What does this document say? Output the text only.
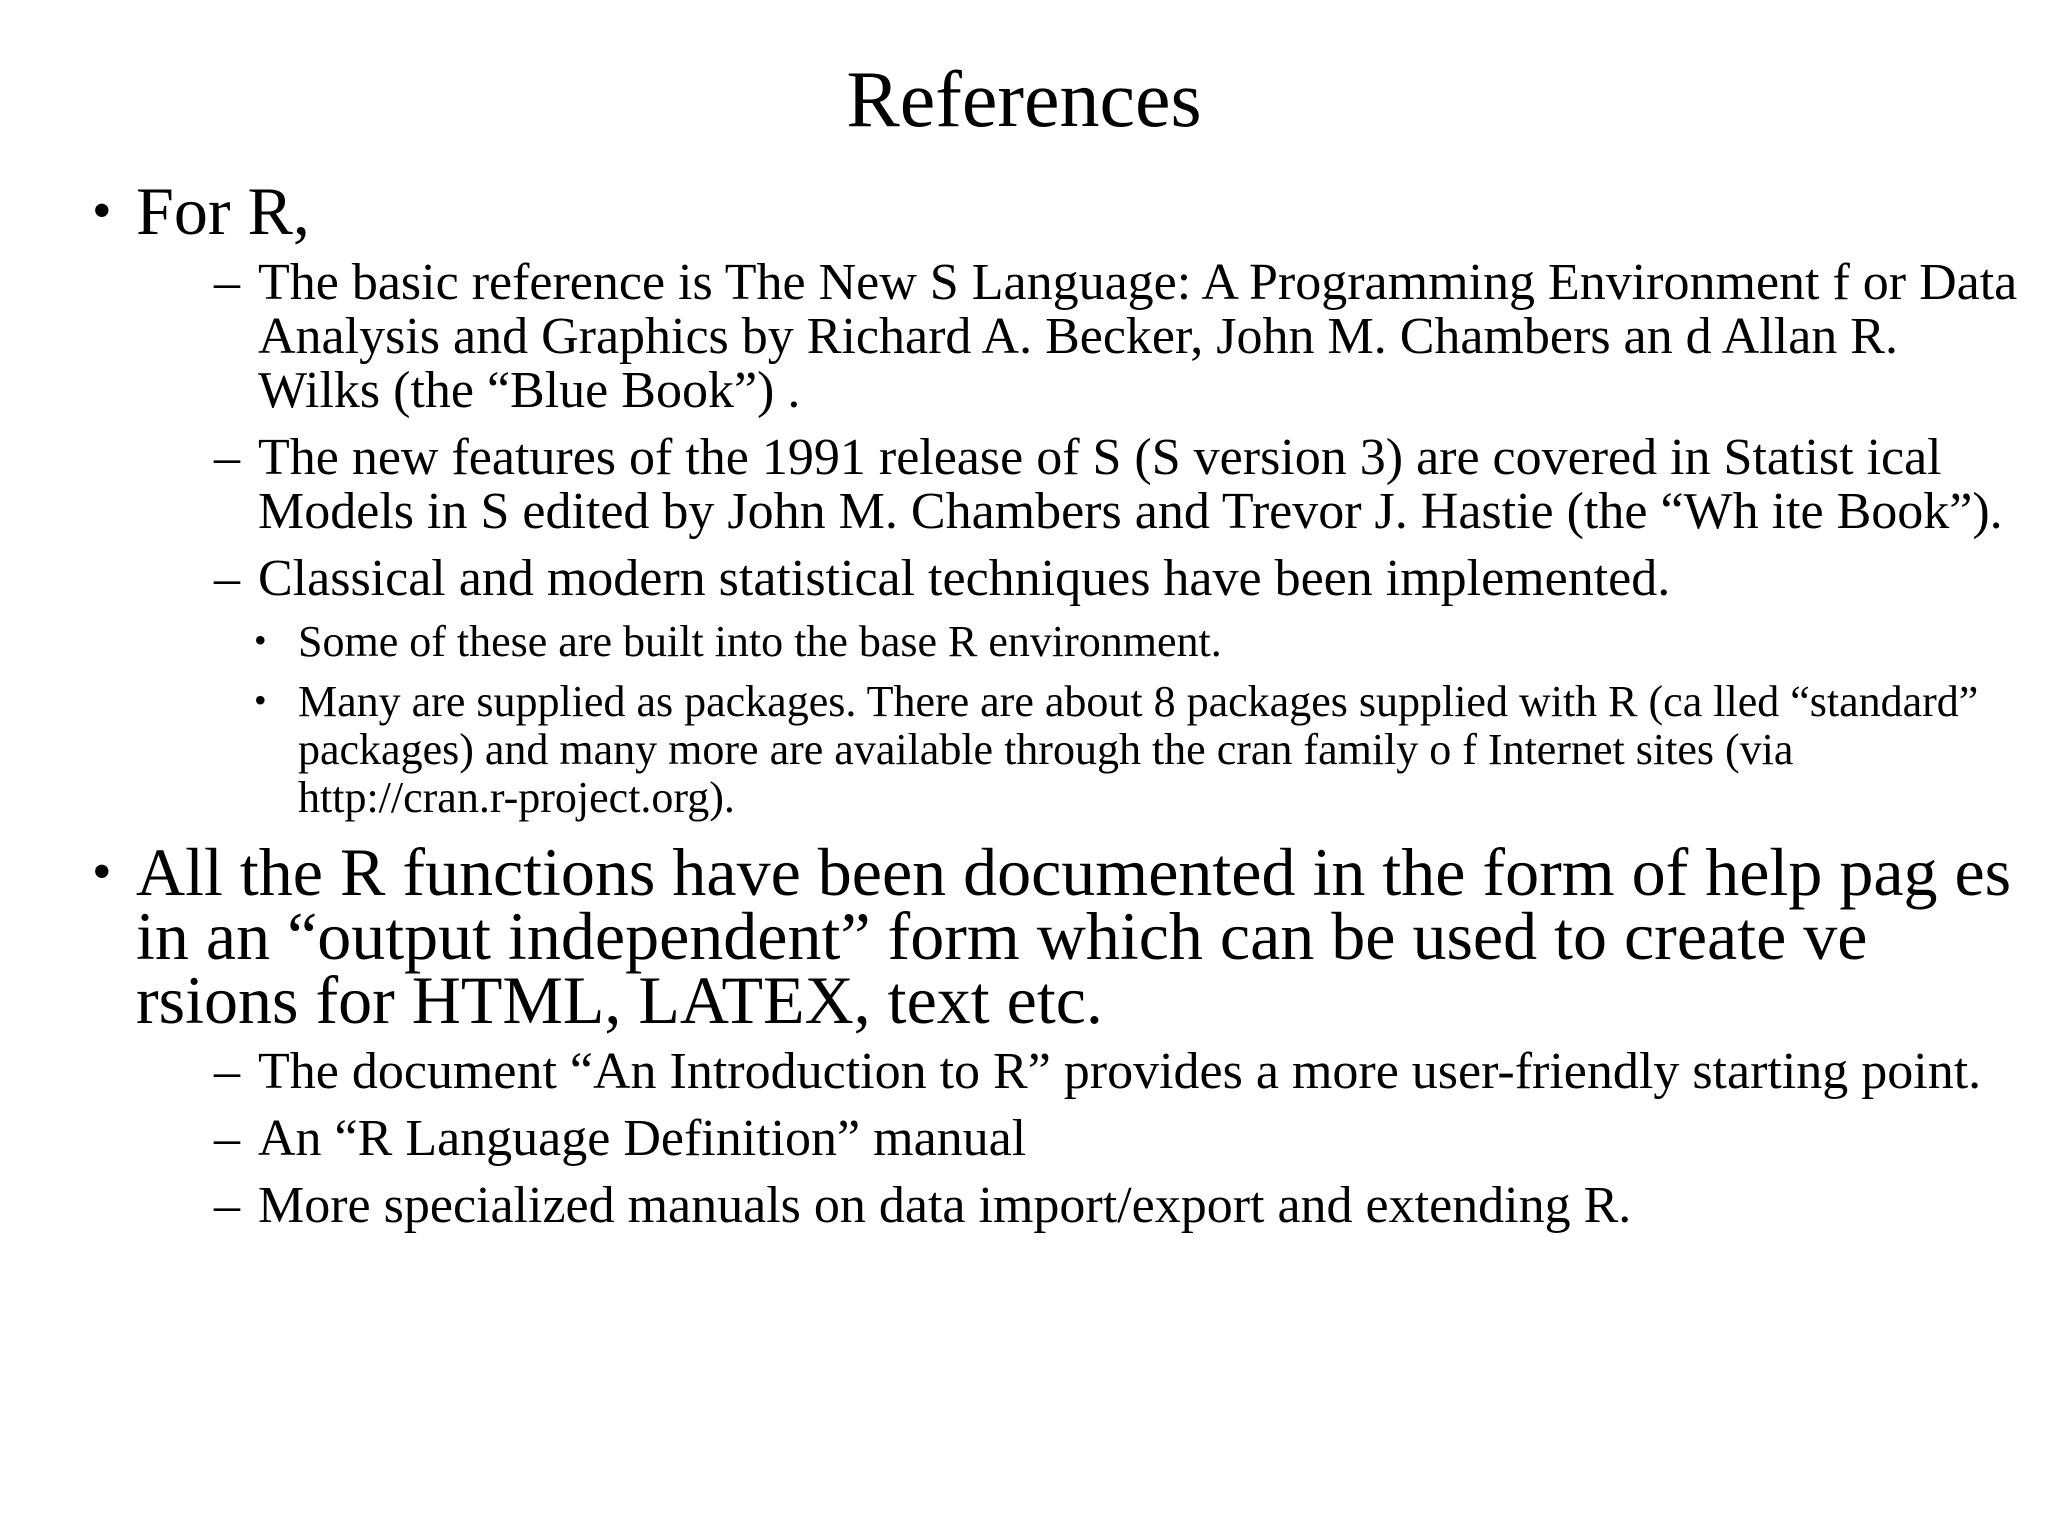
References
• For R,
– The basic reference is The New S Language: A Programming Environment f or Data Analysis and Graphics by Richard A. Becker, John M. Chambers an d Allan R. Wilks (the “Blue Book”) .
– The new features of the 1991 release of S (S version 3) are covered in Statist ical Models in S edited by John M. Chambers and Trevor J. Hastie (the “Wh ite Book”).
– Classical and modern statistical techniques have been implemented.
• Some of these are built into the base R environment.
• Many are supplied as packages. There are about 8 packages supplied with R (ca lled “standard” packages) and many more are available through the cran family o f Internet sites (via http://cran.r-project.org).
• All the R functions have been documented in the form of help pag es in an “output independent” form which can be used to create ve rsions for HTML, LATEX, text etc.
– The document “An Introduction to R” provides a more user-friendly starting point.
– An “R Language Definition” manual
– More specialized manuals on data import/export and extending R.
